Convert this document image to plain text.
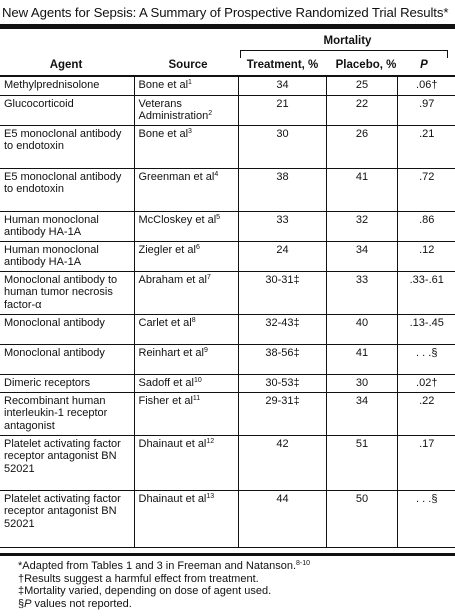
New Agents for Sepsis: A Summary of Prospective Randomized Trial Results*
Mortality
Agent	Source	Treatment, %	Placebo, %	P
Methylprednisolone	Bone et $al^1$	34	25	.06†
Glucocorticoid	Veterans Administration$^2$	21	22	.97
E5 monoclonal antibody to endotoxin	Bone et $al^3$	30	26	.21
E5 monoclonal antibody to endotoxin	Greenman et $al^4$	38	41	.72
Human monoclonal antibody HA-1A	McCloskey et $al^5$	33	32	.86
Human monoclonal antibody HA-1A	Ziegler et $al^6$	24	34	.12
Monoclonal antibody to human tumor necrosis factor-α	Abraham et $al^7$	30-31‡	33	.33-.61
Monoclonal antibody	Carlet et $al^8$	32-43‡	40	.13-.45
Monoclonal antibody	Reinhart et $al^9$	38-56‡	41	. . .§
Dimeric receptors	Sadoff et $al^{10}$	30-53‡	30	.02†
Recombinant human interleukin-1 receptor antagonist	Fisher et $al^{11}$	29-31‡	34	.22
Platelet activating factor receptor antagonist BN 52021	Dhainaut et $al^{12}$	42	51	.17
Platelet activating factor receptor antagonist BN 52021	Dhainaut et $al^{13}$	44	50	. . .§
*Adapted from Tables 1 and 3 in Freeman and Natanson.$^{8-10}$
†Results suggest a harmful effect from treatment.
‡Mortality varied, depending on dose of agent used.
§P values not reported.
